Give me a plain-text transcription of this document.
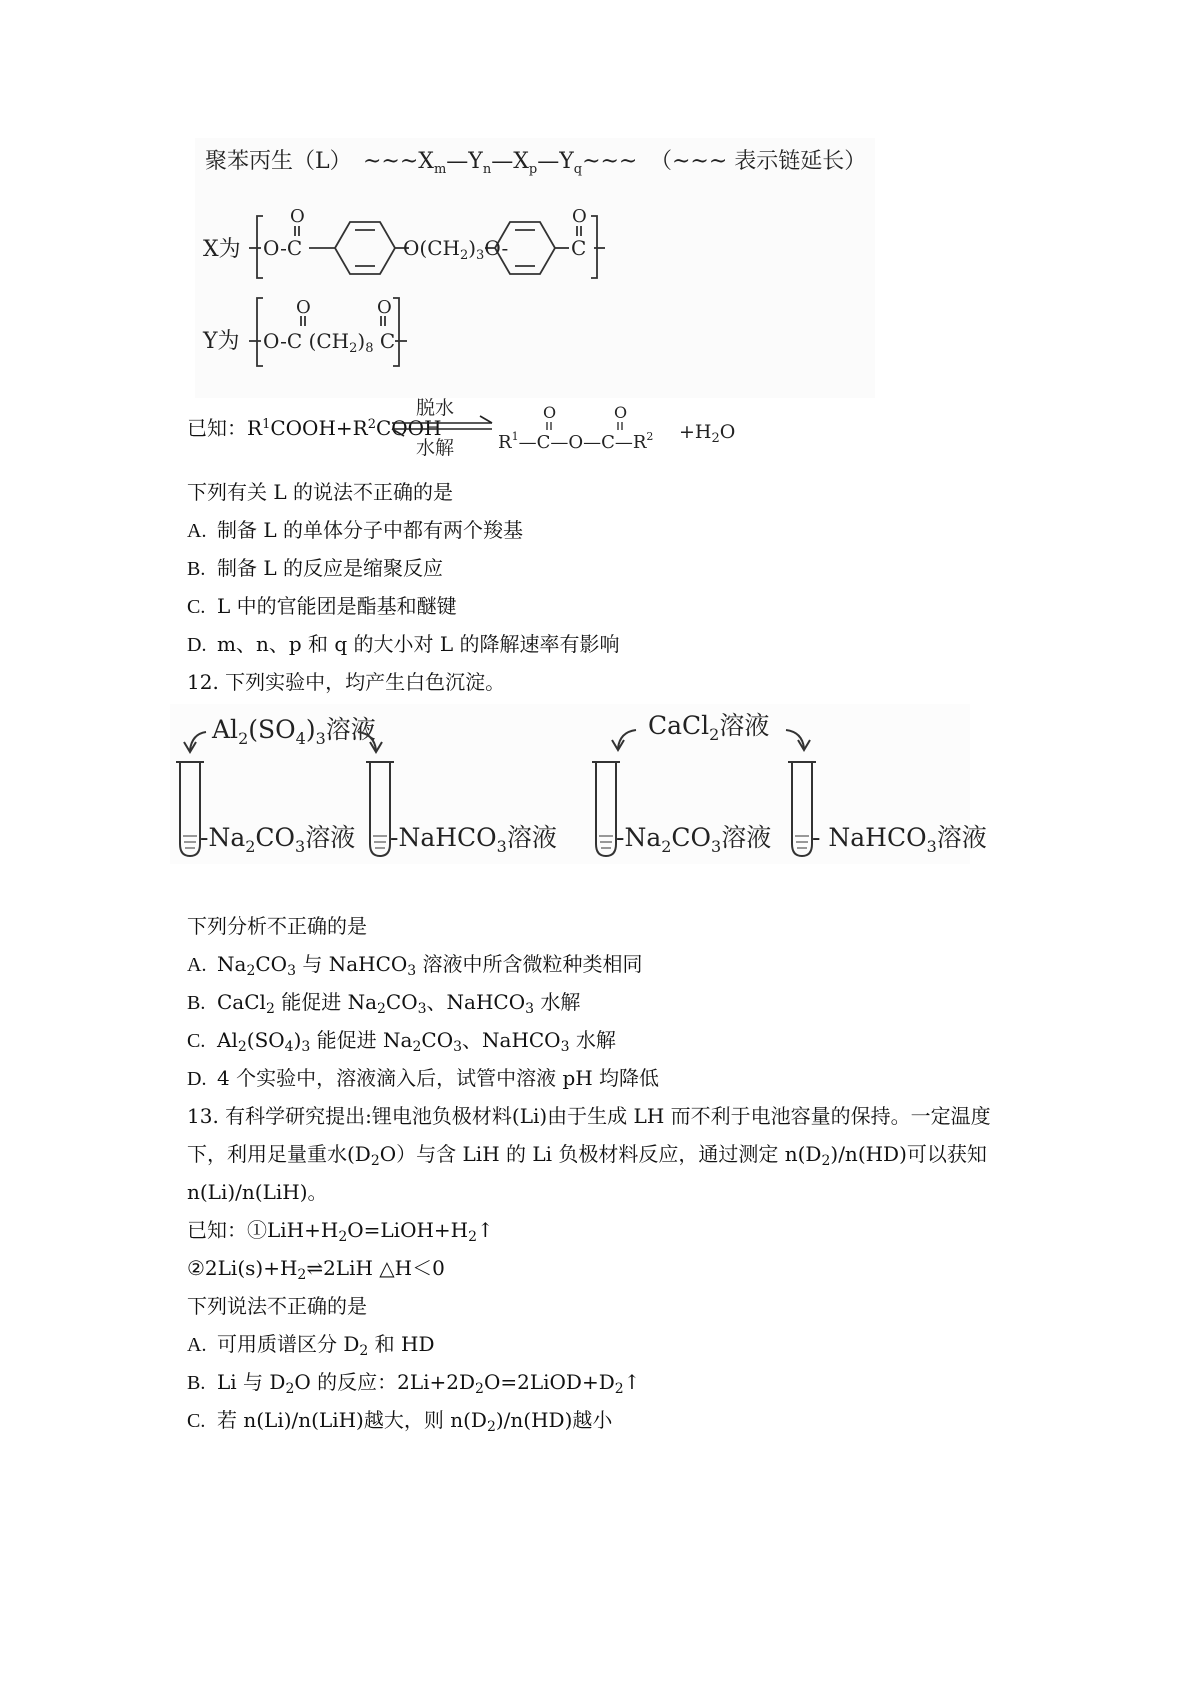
聚苯丙生（L） $\sim\sim\sim X_m—Y_n—X_p—Y_q\sim\sim\sim$ （~~~ 表示链延长）
X为
O
O-C	$O(CH_2)_3O-$
O
C
Y为
O	O
O-C $(CH_2)_8$ C
已知：$R^1COOH+R^2COOH$
脱水
水解
O	O
$R^1—C—O—C—R^2 +H_2O$
下列有关 L 的说法不正确的是
A. 制备 L 的单体分子中都有两个羧基
B. 制备 L 的反应是缩聚反应
C. L 中的官能团是酯基和醚键
D. m、n、p 和 q 的大小对 L 的降解速率有影响
12. 下列实验中，均产生白色沉淀。
$Al_2(SO_4)_3$溶液	CaCl$_2$溶液
$-Na_2CO_3$溶液 -NaHCO$_3$溶液 $-Na_2CO_3$溶液 - NaHCO$_3$溶液
下列分析不正确的是
A. $Na_2CO_3$ 与 NaHCO$_3$ 溶液中所含微粒种类相同
B. CaCl$_2$ 能促进 $Na_2CO_3$、NaHCO$_3$ 水解
C. $Al_2(SO_4)_3$ 能促进 $Na_2CO_3$、NaHCO$_3$ 水解
D. 4 个实验中，溶液滴入后，试管中溶液 pH 均降低
13. 有科学研究提出:锂电池负极材料(Li)由于生成 LH 而不利于电池容量的保持。一定温度
下，利用足量重水$(D_2O)$与含 LiH 的 Li 负极材料反应，通过测定 $n(D_2)/n(HD)$可以获知
n(Li)/n(LiH)。
已知：$①LiH+H_2O=LiOH+H_2↑$
$②2Li(s)+H_2\rightleftharpoons 2LiH$ △H＜0
下列说法不正确的是
A. 可用质谱区分 $D_2$ 和 HD
B. Li 与 $D_2O$ 的反应：$2Li+2D_2O=2LiOD+D_2↑$
C. 若 n(Li)/n(LiH)越大，则 $n(D_2)/n(HD)$越小
